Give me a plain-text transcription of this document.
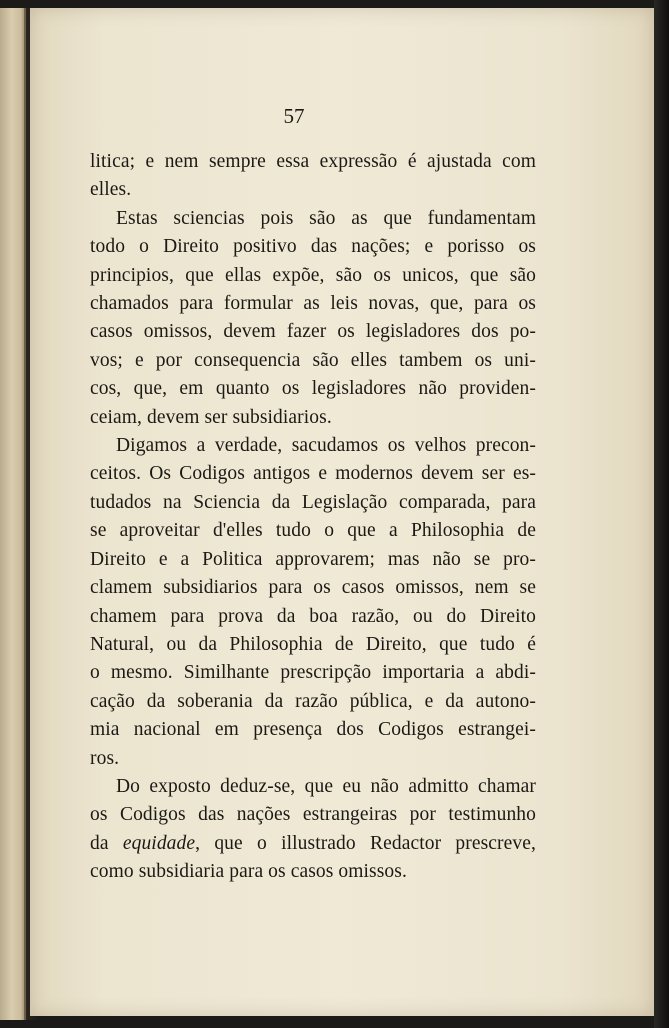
57

litica; e nem sempre essa expressão é ajustada com
elles.

Estas sciencias pois são as que fundamentam
todo o Direito positivo das nações; e porisso os
principios, que ellas expõe, são os unicos, que são
chamados para formular as leis novas, que, para os
casos omissos, devem fazer os legisladores dos po-
vos; e por consequencia são elles tambem os uni-
cos, que, em quanto os legisladores não providen-
ceiam, devem ser subsidiarios.

Digamos a verdade, sacudamos os velhos precon-
ceitos. Os Codigos antigos e modernos devem ser es-
tudados na Sciencia da Legislação comparada, para
se aproveitar d'elles tudo o que a Philosophia de
Direito e a Politica approvarem; mas não se pro-
clamem subsidiarios para os casos omissos, nem se
chamem para prova da boa razão, ou do Direito
Natural, ou da Philosophia de Direito, que tudo é
o mesmo. Similhante prescripção importaria a abdi-
cação da soberania da razão pública, e da autono-
mia nacional em presença dos Codigos estrangei-
ros.

Do exposto deduz-se, que eu não admitto chamar
os Codigos das nações estrangeiras por testimunho
da equidade, que o illustrado Redactor prescreve,
como subsidiaria para os casos omissos.
